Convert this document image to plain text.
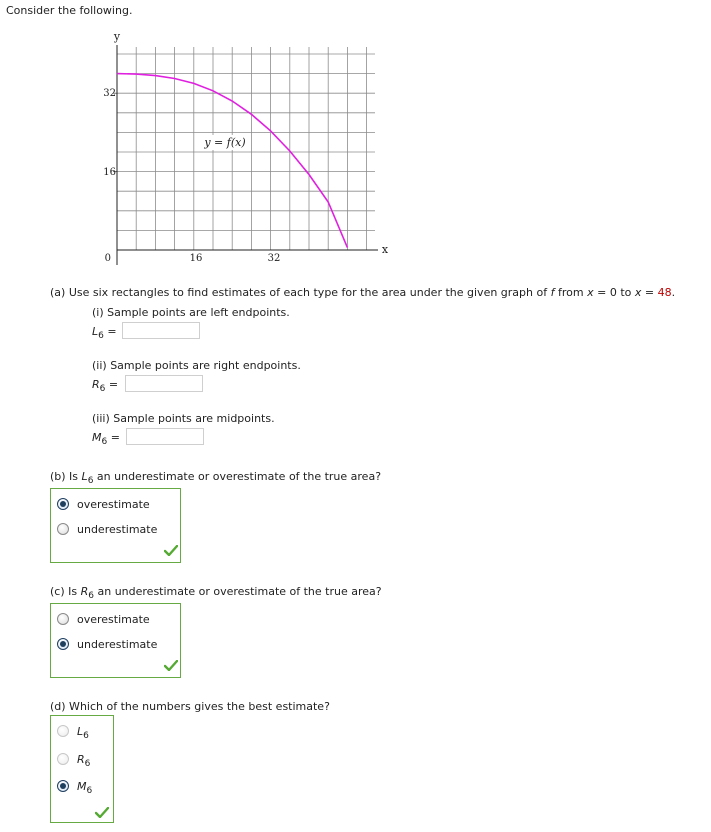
Consider the following.
y
x
32
16
0	16	32
y = f(x)
(a) Use six rectangles to find estimates of each type for the area under the given graph of f from x = 0 to x = 48.
(i) Sample points are left endpoints.
$L_6$ =
(ii) Sample points are right endpoints.
$R_6$ =
(iii) Sample points are midpoints.
$M_6$ =
(b) Is $L_6$ an underestimate or overestimate of the true area?
overestimate
underestimate
(c) Is $R_6$ an underestimate or overestimate of the true area?
overestimate
underestimate
(d) Which of the numbers gives the best estimate?
$L_6$
$R_6$
$M_6$
